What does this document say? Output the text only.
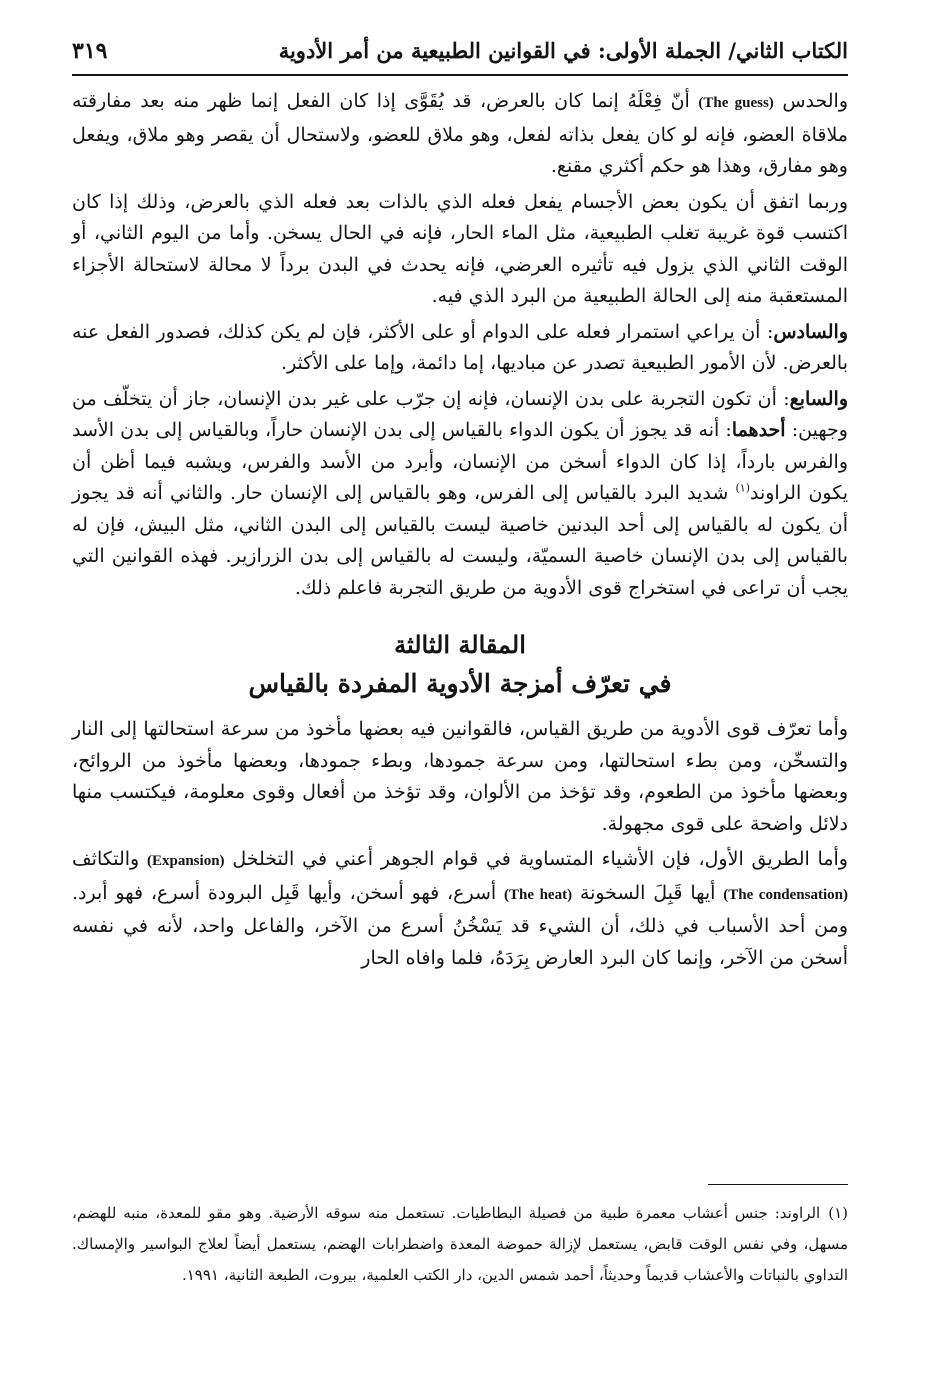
الكتاب الثاني/ الجملة الأولى: في القوانين الطبيعية من أمر الأدوية
٣١٩

والحدس (The guess) أنّ فِعْلَهُ إنما كان بالعرض، قد يُقَوَّى إذا كان الفعل إنما ظهر منه بعد مفارقته ملاقاة العضو، فإنه لو كان يفعل بذاته لفعل، وهو ملاق للعضو، ولاستحال أن يقصر وهو ملاق، ويفعل وهو مفارق، وهذا هو حكم أكثري مقنع.

وربما اتفق أن يكون بعض الأجسام يفعل فعله الذي بالذات بعد فعله الذي بالعرض، وذلك إذا كان اكتسب قوة غريبة تغلب الطبيعية، مثل الماء الحار، فإنه في الحال يسخن. وأما من اليوم الثاني، أو الوقت الثاني الذي يزول فيه تأثيره العرضي، فإنه يحدث في البدن برداً لا محالة لاستحالة الأجزاء المستعقبة منه إلى الحالة الطبيعية من البرد الذي فيه.

والسادس: أن يراعي استمرار فعله على الدوام أو على الأكثر، فإن لم يكن كذلك، فصدور الفعل عنه بالعرض. لأن الأمور الطبيعية تصدر عن مباديها، إما دائمة، وإما على الأكثر.

والسابع: أن تكون التجربة على بدن الإنسان، فإنه إن جرّب على غير بدن الإنسان، جاز أن يتخلّف من وجهين: أحدهما: أنه قد يجوز أن يكون الدواء بالقياس إلى بدن الإنسان حاراً، وبالقياس إلى بدن الأسد والفرس بارداً، إذا كان الدواء أسخن من الإنسان، وأبرد من الأسد والفرس، ويشبه فيما أظن أن يكون الراوند$^{(١)}$ شديد البرد بالقياس إلى الفرس، وهو بالقياس إلى الإنسان حار. والثاني أنه قد يجوز أن يكون له بالقياس إلى أحد البدنين خاصية ليست بالقياس إلى البدن الثاني، مثل البيش، فإن له بالقياس إلى بدن الإنسان خاصية السميّة، وليست له بالقياس إلى بدن الزرازير. فهذه القوانين التي يجب أن تراعى في استخراج قوى الأدوية من طريق التجربة فاعلم ذلك.

المقالة الثالثة
في تعرّف أمزجة الأدوية المفردة بالقياس

وأما تعرّف قوى الأدوية من طريق القياس، فالقوانين فيه بعضها مأخوذ من سرعة استحالتها إلى النار والتسخّن، ومن بطء استحالتها، ومن سرعة جمودها، وبطء جمودها، وبعضها مأخوذ من الروائح، وبعضها مأخوذ من الطعوم، وقد تؤخذ من الألوان، وقد تؤخذ من أفعال وقوى معلومة، فيكتسب منها دلائل واضحة على قوى مجهولة.

وأما الطريق الأول، فإن الأشياء المتساوية في قوام الجوهر أعني في التخلخل (Expansion) والتكاثف (The condensation) أيها قَبِلَ السخونة (The heat) أسرع، فهو أسخن، وأيها قَبِل البرودة أسرع، فهو أبرد. ومن أحد الأسباب في ذلك، أن الشيء قد يَسْخُنُ أسرع من الآخر، والفاعل واحد، لأنه في نفسه أسخن من الآخر، وإنما كان البرد العارض بِرَدَهُ، فلما وافاه الحار

(١)الراوند: جنس أعشاب معمرة طبية من فصيلة البطاطيات. تستعمل منه سوقه الأرضية. وهو مقو للمعدة، منبه للهضم، مسهل، وفي نفس الوقت قابض، يستعمل لإزالة حموضة المعدة واضطرابات الهضم، يستعمل أيضاً لعلاج البواسير والإمساك. التداوي بالنباتات والأعشاب قديماً وحديثاً، أحمد شمس الدين، دار الكتب العلمية، بيروت، الطبعة الثانية، ١٩٩١.
